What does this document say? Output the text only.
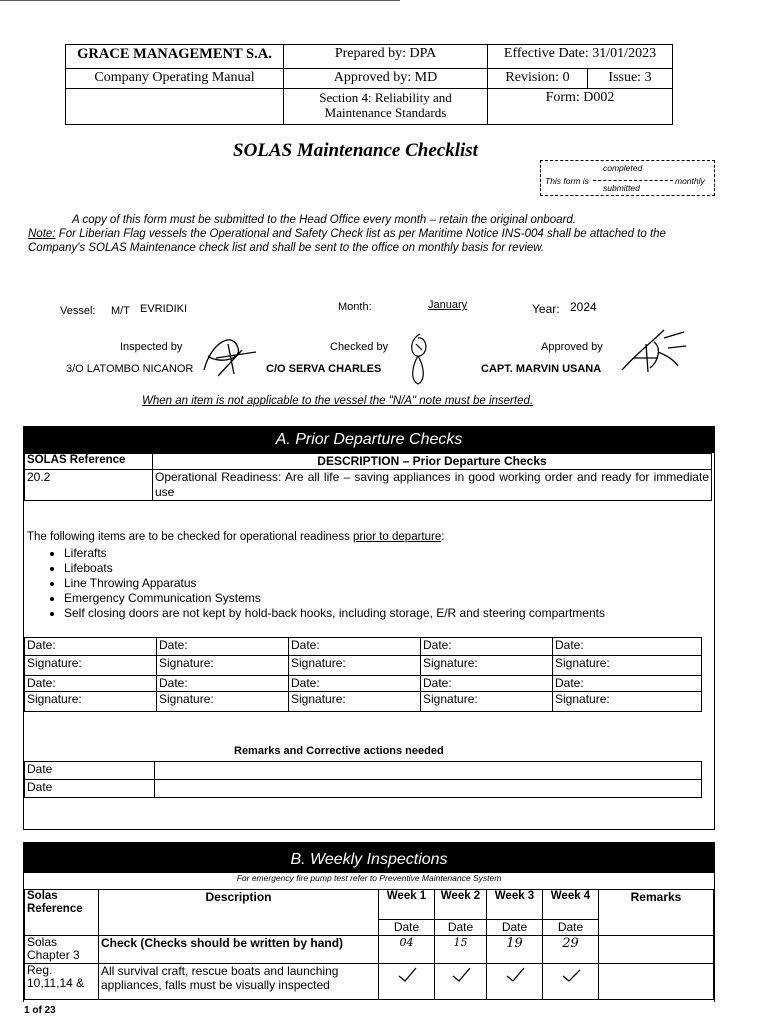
GRACE MANAGEMENT S.A.	Prepared by: DPA	Effective Date: 31/01/2023	
Company Operating Manual	Approved by: MD	Revision: 0	Issue: 3
	Section 4: Reliability and Maintenance Standards	Form: D002	
SOLAS Maintenance Checklist
This form is
completed
submitted
monthly
A copy of this form must be submitted to the Head Office every month – retain the original onboard.
Note: For Liberian Flag vessels the Operational and Safety Check list as per Maritime Notice INS-004 shall be attached to the Company's SOLAS Maintenance check list and shall be sent to the office on monthly basis for review.
Vessel: M/T EVRIDIKI	Month:	January	Year: 2024
Inspected by
3/O LATOMBO NICANOR
Checked by
C/O SERVA CHARLES
Approved by
CAPT. MARVIN USANA
When an item is not applicable to the vessel the "N/A" note must be inserted.
A. Prior Departure Checks
SOLAS Reference	DESCRIPTION – Prior Departure Checks
20.2	Operational Readiness: Are all life – saving appliances in good working order and ready for immediate use
The following items are to be checked for operational readiness prior to departure:
• Liferafts
• Lifeboats
• Line Throwing Apparatus
• Emergency Communication Systems
• Self closing doors are not kept by hold-back hooks, including storage, E/R and steering compartments
Date:	Date:	Date:	Date:	Date:
Signature:	Signature:	Signature:	Signature:	Signature:
Date:	Date:	Date:	Date:	Date:
Signature:	Signature:	Signature:	Signature:	Signature:
Remarks and Corrective actions needed
Date	
Date	
B. Weekly Inspections
For emergency fire pump test refer to Preventive Maintenance System
Solas Reference	Description	Week 1	Week 2	Week 3	Week 4	Remarks
		Date	Date	Date	Date	
Solas Chapter 3	Check (Checks should be written by hand)	04	15	19	29	
Reg. 10,11,14 &	All survival craft, rescue boats and launching appliances, falls must be visually inspected					
1 of 23
